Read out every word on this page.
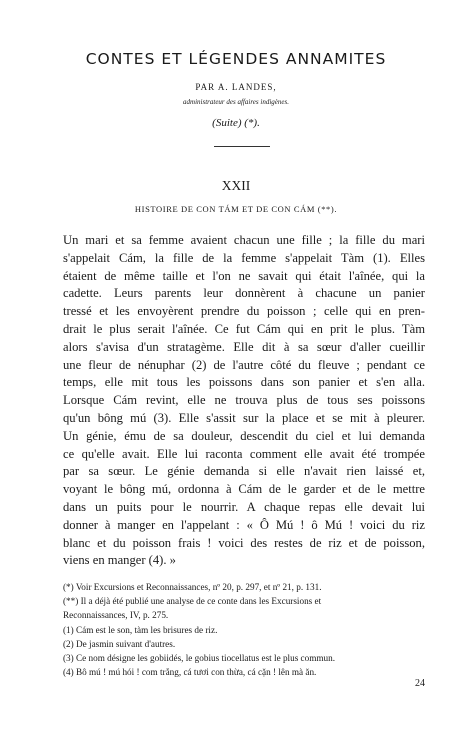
CONTES ET LÉGENDES ANNAMITES
PAR A. LANDES,
administrateur des affaires indigènes.
(Suite) (*).
XXII
HISTOIRE DE CON TÁM ET DE CON CÁM (**).
Un mari et sa femme avaient chacun une fille ; la fille du mari
s'appelait Cám, la fille de la femme s'appelait Tàm (1). Elles
étaient de même taille et l'on ne savait qui était l'aînée, qui la
cadette. Leurs parents leur donnèrent à chacune un panier
tressé et les envoyèrent prendre du poisson ; celle qui en pren-
drait le plus serait l'aînée. Ce fut Cám qui en prit le plus. Tàm
alors s'avisa d'un stratagème. Elle dit à sa sœur d'aller cueillir
une fleur de nénuphar (2) de l'autre côté du fleuve ; pendant ce
temps, elle mit tous les poissons dans son panier et s'en alla.
Lorsque Cám revint, elle ne trouva plus de tous ses poissons
qu'un bông mú (3). Elle s'assit sur la place et se mit à pleurer.
Un génie, ému de sa douleur, descendit du ciel et lui demanda
ce qu'elle avait. Elle lui raconta comment elle avait été trompée
par sa sœur. Le génie demanda si elle n'avait rien laissé et,
voyant le bông mú, ordonna à Cám de le garder et de le mettre
dans un puits pour le nourrir. A chaque repas elle devait lui
donner à manger en l'appelant : « Ô Mú ! ô Mú ! voici du riz
blanc et du poisson frais ! voici des restes de riz et de poisson,
viens en manger (4). »
(*) Voir Excursions et Reconnaissances, nº 20, p. 297, et nº 21, p. 131.
(**) Il a déjà été publié une analyse de ce conte dans les Excursions et
Reconnaissances, IV, p. 275.
(1) Cám est le son, tàm les brisures de riz.
(2) De jasmin suivant d'autres.
(3) Ce nom désigne les gobiidés, le gobius tiocellatus est le plus commun.
(4) Bô mú ! mú hói ! com trắng, cá tươi con thừa, cá cặn ! lên mà ăn.
24
